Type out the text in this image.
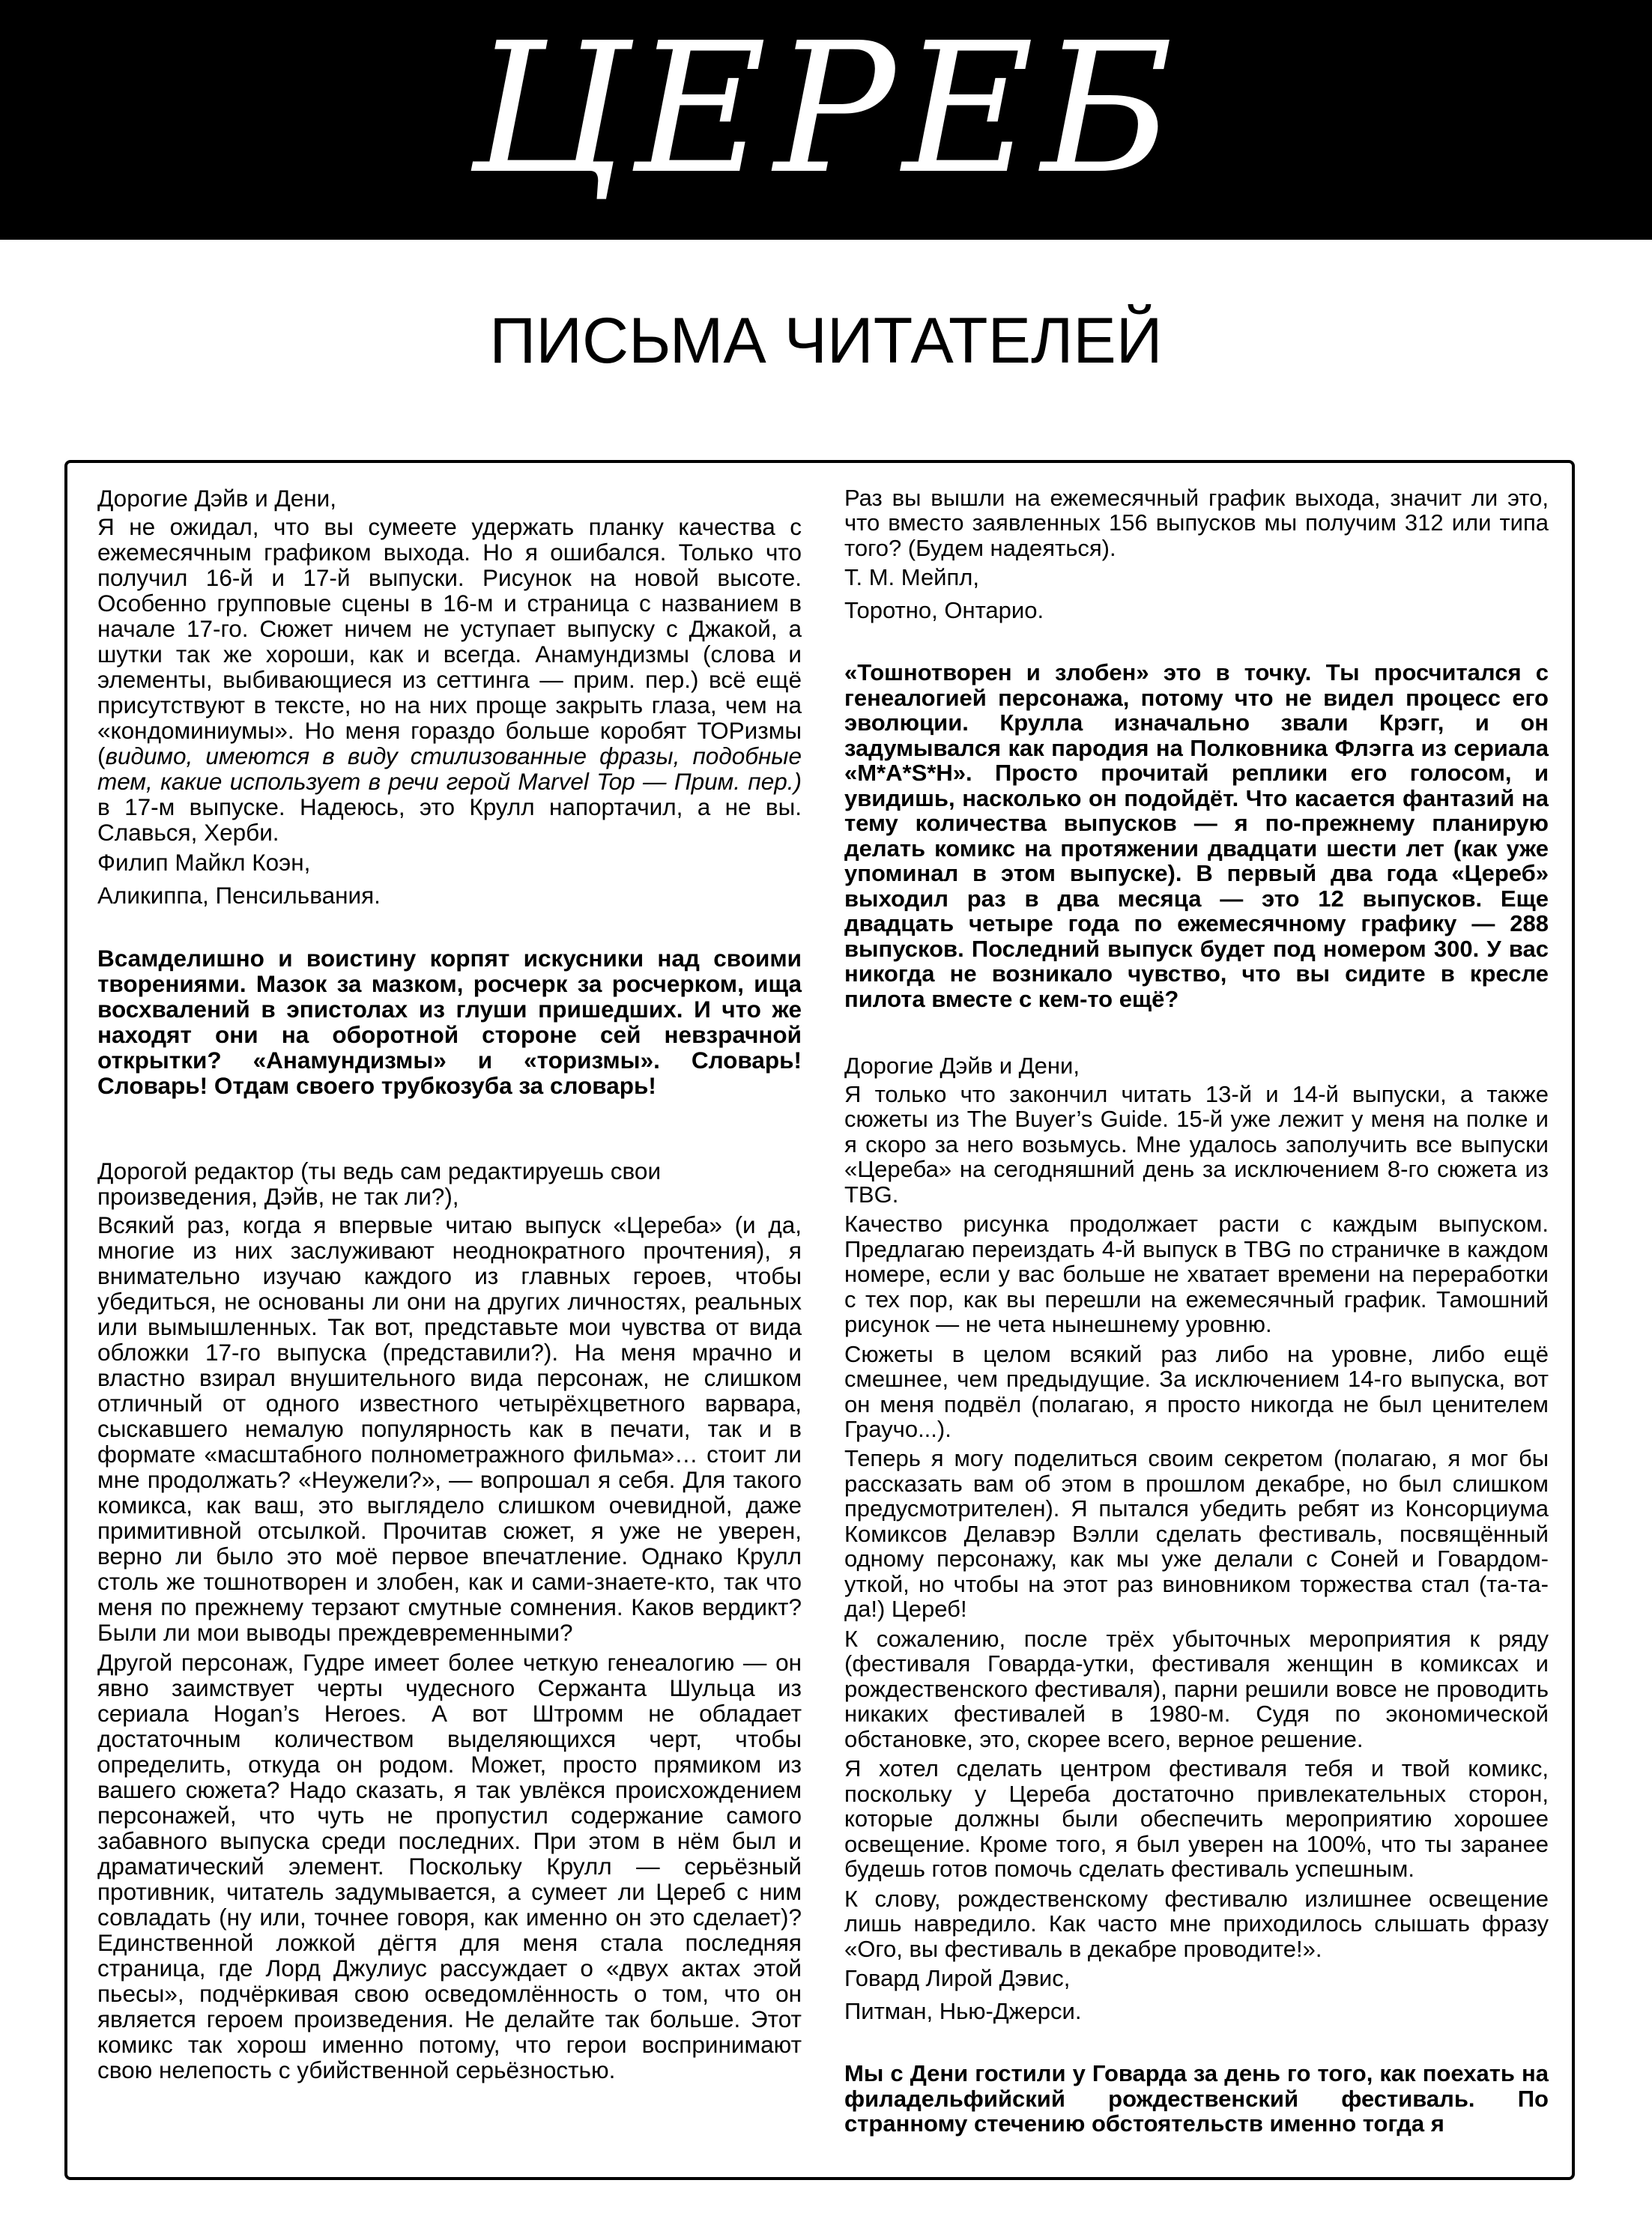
ЦЕРЕБ
ПИСЬМА ЧИТАТЕЛЕЙ

Дорогие Дэйв и Дени,

Я не ожидал, что вы сумеете удержать планку качества с ежемесячным графиком выхода. Но я ошибался. Только что получил 16-й и 17-й выпуски. Рисунок на новой высоте. Особенно групповые сцены в 16-м и страница с названием в начале 17-го. Сюжет ничем не уступает выпуску с Джакой, а шутки так же хороши, как и всегда. Анамундизмы (слова и элементы, выбивающиеся из сеттинга — прим. пер.) всё ещё присутствуют в тексте, но на них проще закрыть глаза, чем на «кондоминиумы». Но меня гораздо больше коробят ТОРизмы (видимо, имеются в виду стилизованные фразы, подобные тем, какие использует в речи герой Marvel Top — Прим. пер.) в 17-м выпуске. Надеюсь, это Крулл напортачил, а не вы. Славься, Херби.

Филип Майкл Коэн,

Аликиппа, Пенсильвания.

Всамделишно и воистину корпят искусники над своими творениями. Мазок за мазком, росчерк за росчерком, ища восхвалений в эпистолах из глуши пришедших. И что же находят они на оборотной стороне сей невзрачной открытки? «Анамундизмы» и «торизмы». Словарь! Словарь! Отдам своего трубкозуба за словарь!

Дорогой редактор (ты ведь сам редактируешь свои произведения, Дэйв, не так ли?),

Всякий раз, когда я впервые читаю выпуск «Цереба» (и да, многие из них заслуживают неоднократного прочтения), я внимательно изучаю каждого из главных героев, чтобы убедиться, не основаны ли они на других личностях, реальных или вымышленных. Так вот, представьте мои чувства от вида обложки 17-го выпуска (представили?). На меня мрачно и властно взирал внушительного вида персонаж, не слишком отличный от одного известного четырёхцветного варвара, сыскавшего немалую популярность как в печати, так и в формате «масштабного полнометражного фильма»… стоит ли мне продолжать? «Неужели?», — вопрошал я себя. Для такого комикса, как ваш, это выглядело слишком очевидной, даже примитивной отсылкой. Прочитав сюжет, я уже не уверен, верно ли было это моё первое впечатление. Однако Крулл столь же тошнотворен и злобен, как и сами-знаете-кто, так что меня по прежнему терзают смутные сомнения. Каков вердикт? Были ли мои выводы преждевременными?

Другой персонаж, Гудре имеет более четкую генеалогию — он явно заимствует черты чудесного Сержанта Шульца из сериала Hogan’s Heroes. А вот Штромм не обладает достаточным количеством выделяющихся черт, чтобы определить, откуда он родом. Может, просто прямиком из вашего сюжета? Надо сказать, я так увлёкся происхождением персонажей, что чуть не пропустил содержание самого забавного выпуска среди последних. При этом в нём был и драматический элемент. Поскольку Крулл — серьёзный противник, читатель задумывается, а сумеет ли Цереб с ним совладать (ну или, точнее говоря, как именно он это сделает)? Единственной ложкой дёгтя для меня стала последняя страница, где Лорд Джулиус рассуждает о «двух актах этой пьесы», подчёркивая свою осведомлённость о том, что он является героем произведения. Не делайте так больше. Этот комикс так хорош именно потому, что герои воспринимают свою нелепость с убийственной серьёзностью.

Раз вы вышли на ежемесячный график выхода, значит ли это, что вместо заявленных 156 выпусков мы получим 312 или типа того? (Будем надеяться).

Т. М. Мейпл,

Торотно, Онтарио.

«Тошнотворен и злобен» это в точку. Ты просчитался с генеалогией персонажа, потому что не видел процесс его эволюции. Крулла изначально звали Крэгг, и он задумывался как пародия на Полковника Флэгга из сериала «M*A*S*H». Просто прочитай реплики его голосом, и увидишь, насколько он подойдёт. Что касается фантазий на тему количества выпусков — я по-прежнему планирую делать комикс на протяжении двадцати шести лет (как уже упоминал в этом выпуске). В первый два года «Цереб» выходил раз в два месяца — это 12 выпусков. Еще двадцать четыре года по ежемесячному графику — 288 выпусков. Последний выпуск будет под номером 300. У вас никогда не возникало чувство, что вы сидите в кресле пилота вместе с кем-то ещё?

Дорогие Дэйв и Дени,

Я только что закончил читать 13-й и 14-й выпуски, а также сюжеты из The Buyer’s Guide. 15-й уже лежит у меня на полке и я скоро за него возьмусь. Мне удалось заполучить все выпуски «Цереба» на сегодняшний день за исключением 8-го сюжета из TBG.

Качество рисунка продолжает расти с каждым выпуском. Предлагаю переиздать 4-й выпуск в TBG по страничке в каждом номере, если у вас больше не хватает времени на переработки с тех пор, как вы перешли на ежемесячный график. Тамошний рисунок — не чета нынешнему уровню.

Сюжеты в целом всякий раз либо на уровне, либо ещё смешнее, чем предыдущие. За исключением 14-го выпуска, вот он меня подвёл (полагаю, я просто никогда не был ценителем Граучо...).

Теперь я могу поделиться своим секретом (полагаю, я мог бы рассказать вам об этом в прошлом декабре, но был слишком предусмотрителен). Я пытался убедить ребят из Консорциума Комиксов Делавэр Вэлли сделать фестиваль, посвящённый одному персонажу, как мы уже делали с Соней и Говардом-уткой, но чтобы на этот раз виновником торжества стал (та-та-да!) Цереб!

К сожалению, после трёх убыточных мероприятия к ряду (фестиваля Говарда-утки, фестиваля женщин в комиксах и рождественского фестиваля), парни решили вовсе не проводить никаких фестивалей в 1980-м. Судя по экономической обстановке, это, скорее всего, верное решение.

Я хотел сделать центром фестиваля тебя и твой комикс, поскольку у Цереба достаточно привлекательных сторон, которые должны были обеспечить мероприятию хорошее освещение. Кроме того, я был уверен на 100%, что ты заранее будешь готов помочь сделать фестиваль успешным.

К слову, рождественскому фестивалю излишнее освещение лишь навредило. Как часто мне приходилось слышать фразу «Ого, вы фестиваль в декабре проводите!».

Говард Лирой Дэвис,

Питман, Нью-Джерси.

Мы с Дени гостили у Говарда за день го того, как поехать на филадельфийский рождественский фестиваль. По странному стечению обстоятельств именно тогда я
